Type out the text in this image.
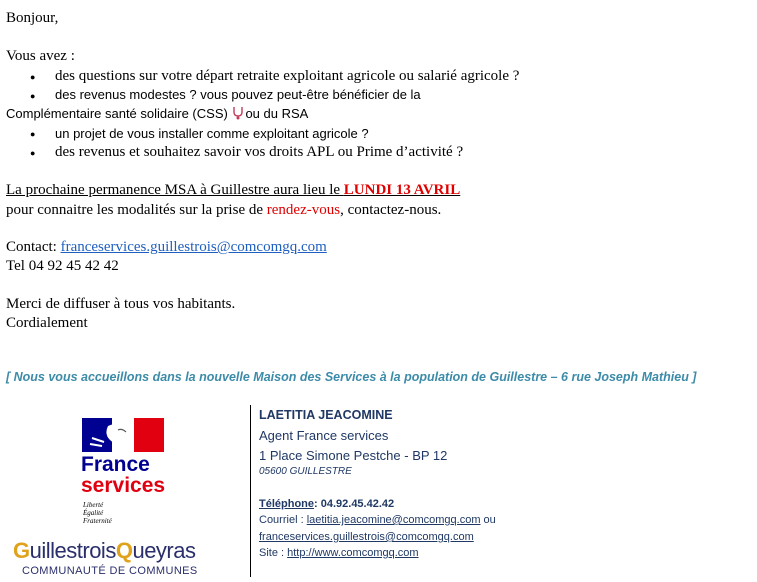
Bonjour,
Vous avez :
● des questions sur votre départ retraite exploitant agricole ou salarié agricole ?
● des revenus modestes ? vous pouvez peut-être bénéficier de la
Complémentaire santé solidaire (CSS) ou du RSA
● un projet de vous installer comme exploitant agricole ?
● des revenus et souhaitez savoir vos droits APL ou Prime d’activité ?
La prochaine permanence MSA à Guillestre aura lieu le LUNDI 13 AVRIL
pour connaitre les modalités sur la prise de rendez-vous, contactez-nous.
Contact: franceservices.guillestrois@comcomgq.com
Tel 04 92 45 42 42
Merci de diffuser à tous vos habitants.
Cordialement
[ Nous vous accueillons dans la nouvelle Maison des Services à la population de Guillestre – 6 rue Joseph Mathieu ]
France
services
Liberté
Égalité
Fraternité
GuillestroisQueyras
COMMUNAUTÉ DE COMMUNES
LAETITIA JEACOMINE
Agent France services
1 Place Simone Pestche - BP 12
05600 GUILLESTRE
Téléphone: 04.92.45.42.42
Courriel : laetitia.jeacomine@comcomgq.com ou
franceservices.guillestrois@comcomgq.com
Site : http://www.comcomgq.com
